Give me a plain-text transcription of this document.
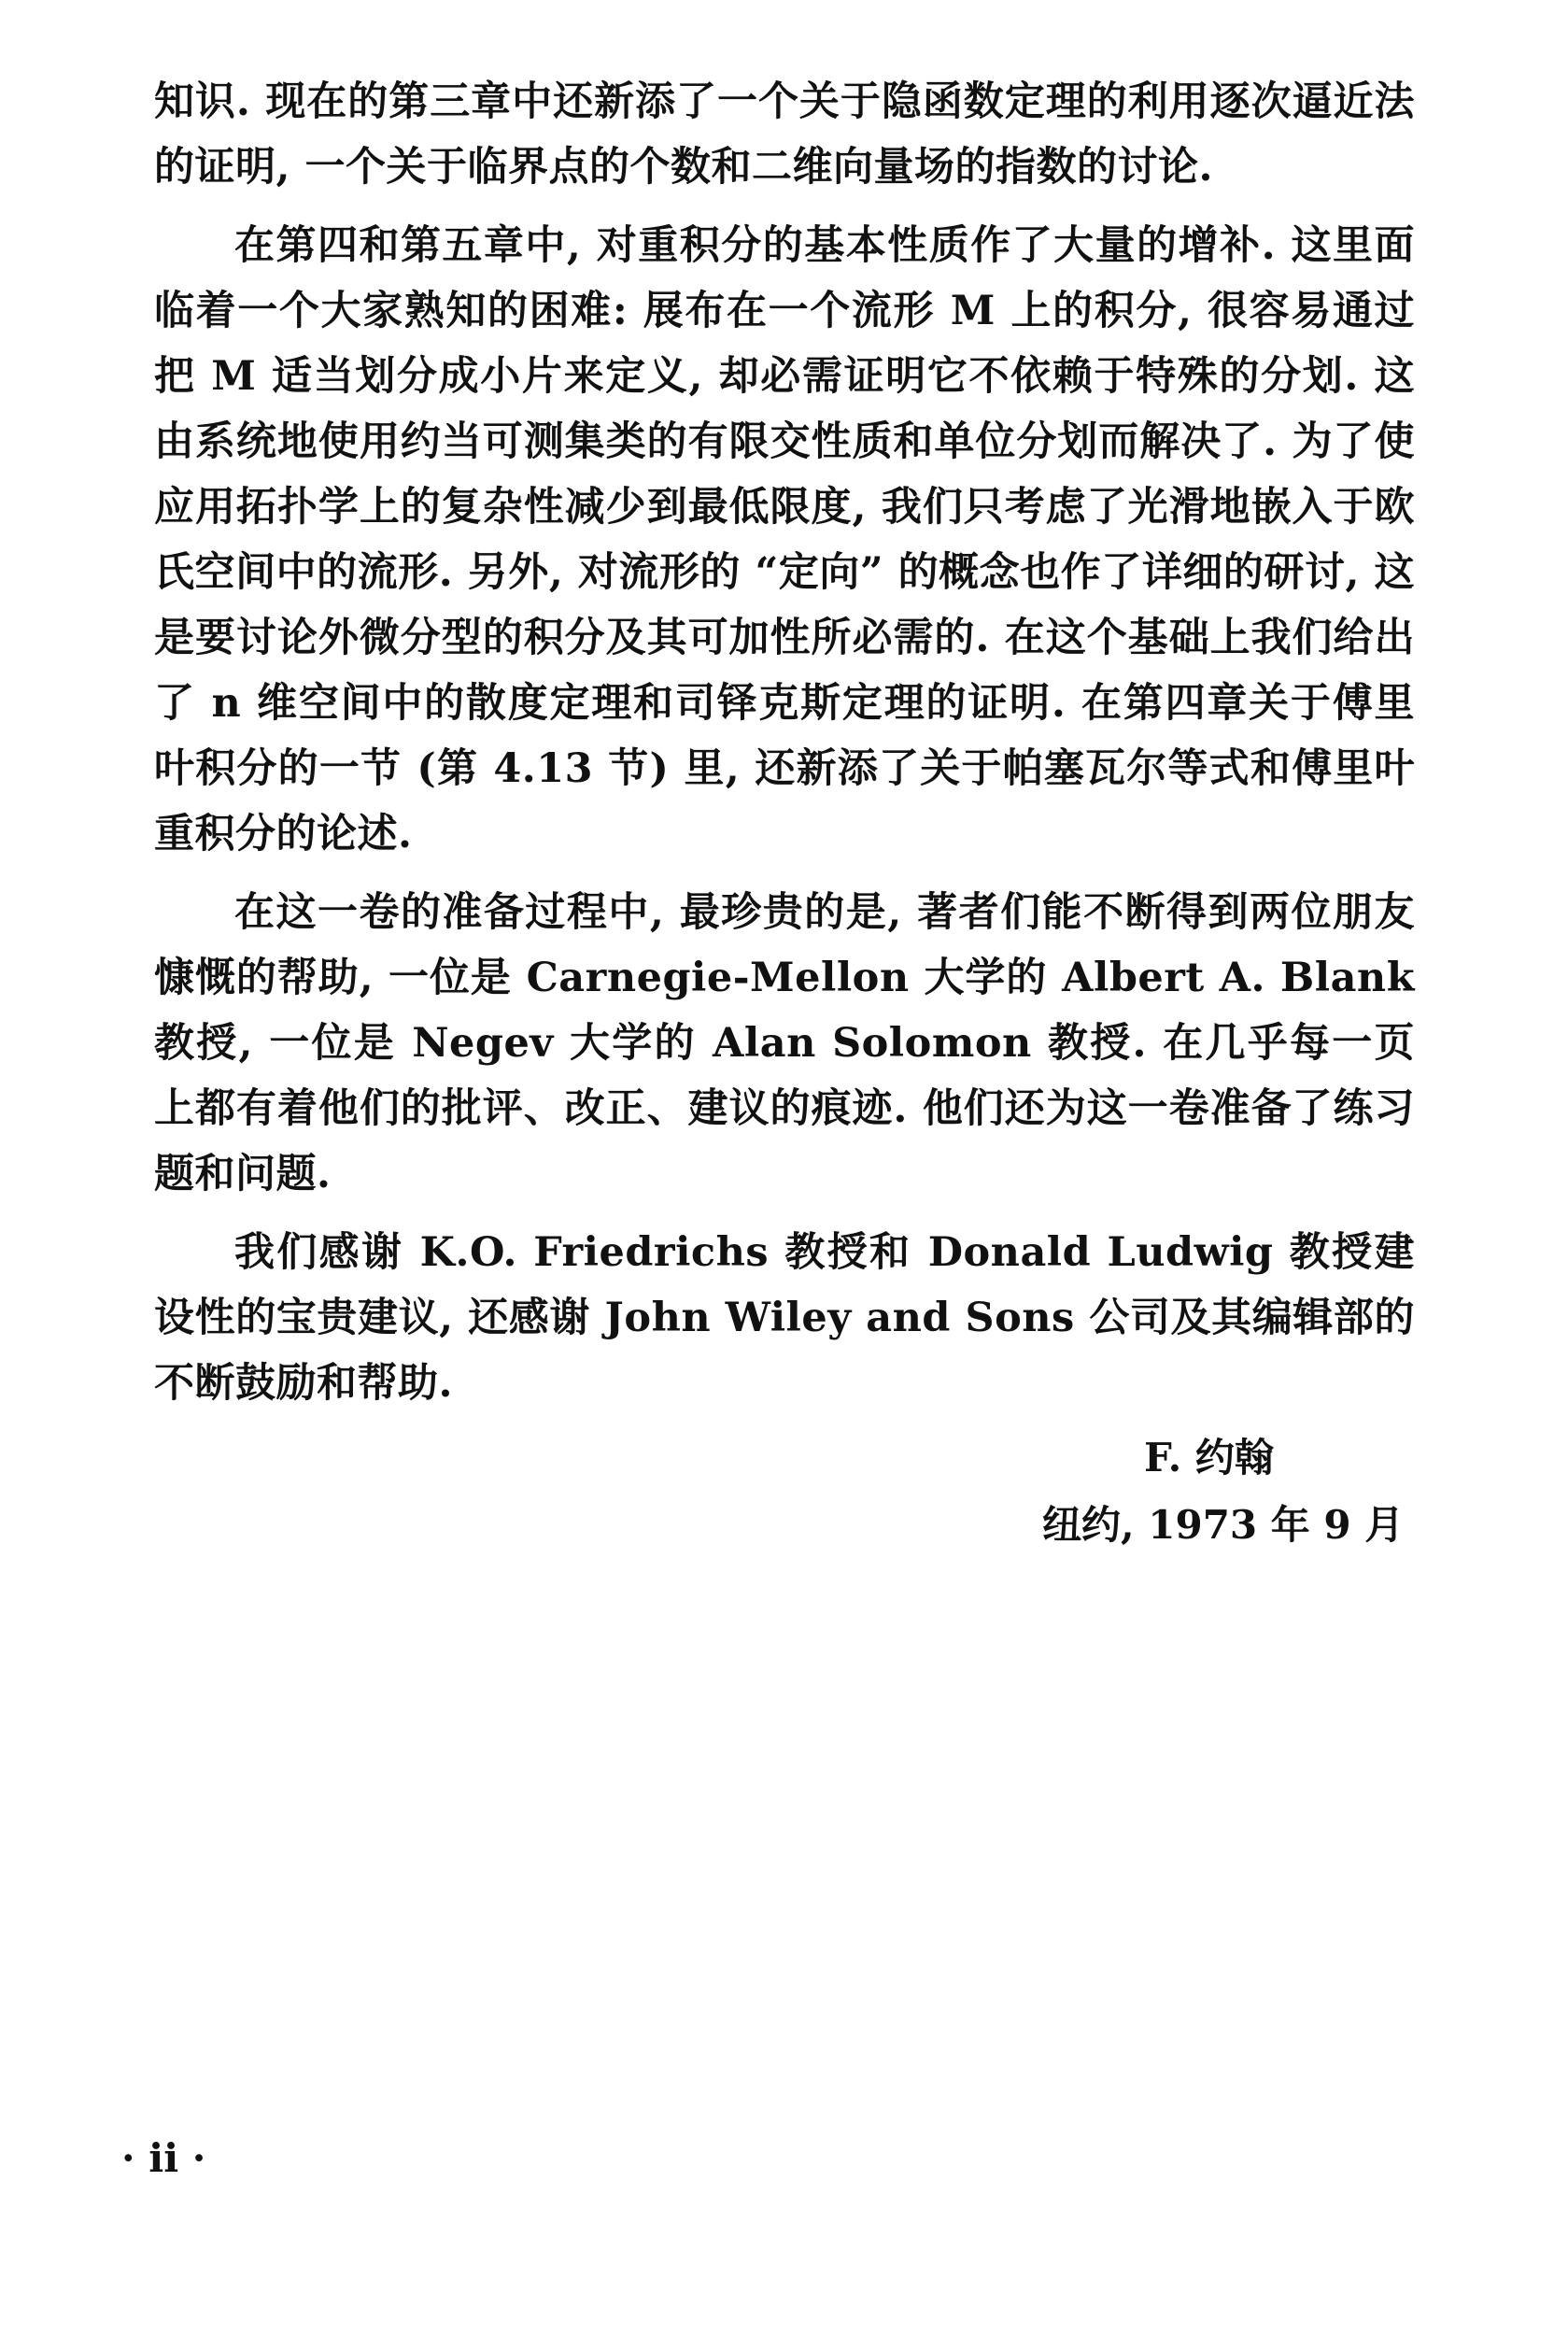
知识. 现在的第三章中还新添了一个关于隐函数定理的利用逐次逼近法的证明, 一个关于临界点的个数和二维向量场的指数的讨论.

在第四和第五章中, 对重积分的基本性质作了大量的增补. 这里面临着一个大家熟知的困难: 展布在一个流形 M 上的积分, 很容易通过把 M 适当划分成小片来定义, 却必需证明它不依赖于特殊的分划. 这由系统地使用约当可测集类的有限交性质和单位分划而解决了. 为了使应用拓扑学上的复杂性减少到最低限度, 我们只考虑了光滑地嵌入于欧氏空间中的流形. 另外, 对流形的 “定向” 的概念也作了详细的研讨, 这是要讨论外微分型的积分及其可加性所必需的. 在这个基础上我们给出了 n 维空间中的散度定理和司铎克斯定理的证明. 在第四章关于傅里叶积分的一节 (第 4.13 节) 里, 还新添了关于帕塞瓦尔等式和傅里叶重积分的论述.

在这一卷的准备过程中, 最珍贵的是, 著者们能不断得到两位朋友慷慨的帮助, 一位是 Carnegie-Mellon 大学的 Albert A. Blank 教授, 一位是 Negev 大学的 Alan Solomon 教授. 在几乎每一页上都有着他们的批评、改正、建议的痕迹. 他们还为这一卷准备了练习题和问题.

我们感谢 K.O. Friedrichs 教授和 Donald Ludwig 教授建设性的宝贵建议, 还感谢 John Wiley and Sons 公司及其编辑部的不断鼓励和帮助.

F. 约翰
纽约, 1973 年 9 月
· ii ·
